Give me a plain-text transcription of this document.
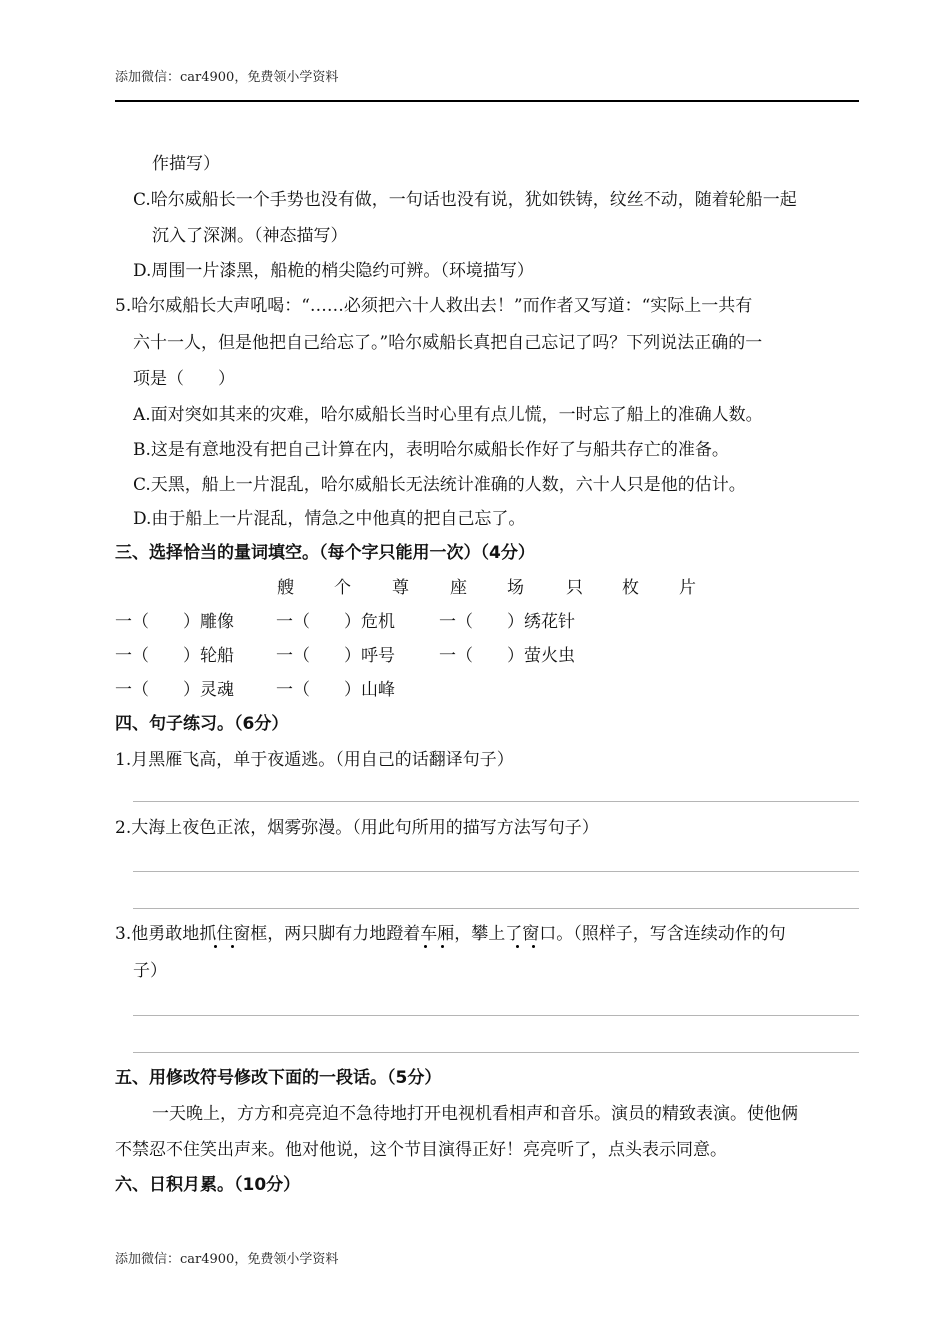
添加微信：car4900，免费领小学资料
作描写）
C.哈尔威船长一个手势也没有做，一句话也没有说，犹如铁铸，纹丝不动，随着轮船一起
沉入了深渊。（神态描写）
D.周围一片漆黑，船桅的梢尖隐约可辨。（环境描写）
5.哈尔威船长大声吼喝：“……必须把六十人救出去！”而作者又写道：“实际上一共有
六十一人，但是他把自己给忘了。”哈尔威船长真把自己忘记了吗？下列说法正确的一
项是（　　）
A.面对突如其来的灾难，哈尔威船长当时心里有点儿慌，一时忘了船上的准确人数。
B.这是有意地没有把自己计算在内，表明哈尔威船长作好了与船共存亡的准备。
C.天黑，船上一片混乱，哈尔威船长无法统计准确的人数，六十人只是他的估计。
D.由于船上一片混乱，情急之中他真的把自己忘了。
三、选择恰当的量词填空。（每个字只能用一次）（4分）
艘 个 尊 座 场 只 枚 片
一（　　）雕像 一（　　）危机	一（　　）绣花针
一（　　）轮船 一（　　）呼号	一（　　）萤火虫
一（　　）灵魂 一（　　）山峰
四、句子练习。（6分）
1.月黑雁飞高，单于夜遁逃。（用自己的话翻译句子）
2.大海上夜色正浓，烟雾弥漫。（用此句所用的描写方法写句子）
3.他勇敢地抓住窗框，两只脚有力地蹬着车厢，攀上了窗口。（照样子，写含连续动作的句
子）
五、用修改符号修改下面的一段话。（5分）
一天晚上，方方和亮亮迫不急待地打开电视机看相声和音乐。演员的精致表演。使他俩
不禁忍不住笑出声来。他对他说，这个节目演得正好！亮亮听了，点头表示同意。
六、日积月累。（10分）
添加微信：car4900，免费领小学资料
